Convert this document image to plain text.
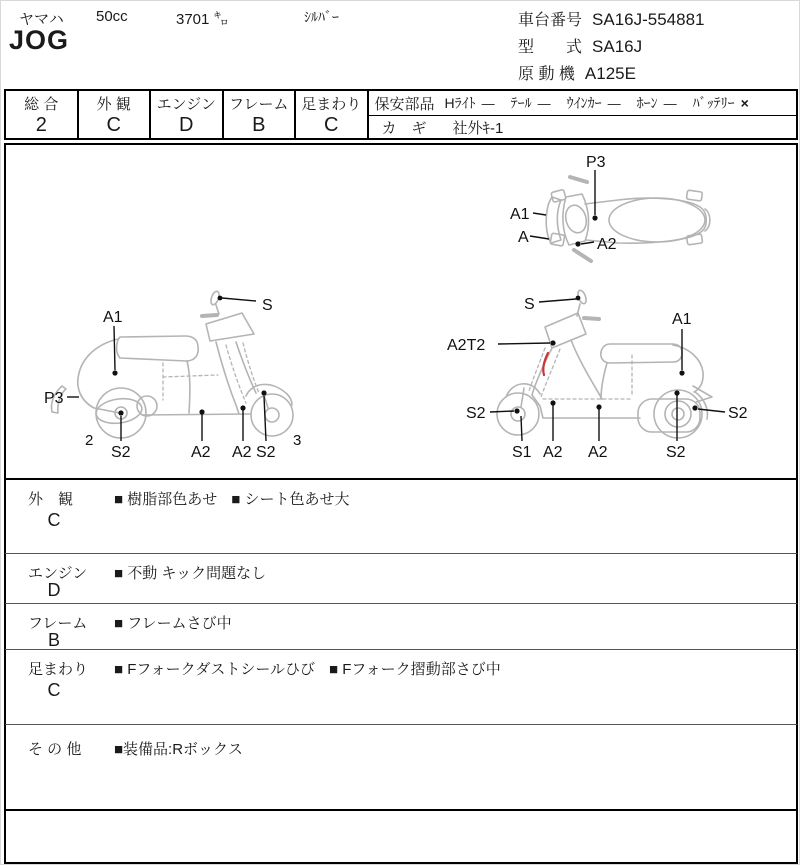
ヤマハ 50cc	3701 ㌔	ｼﾙﾊﾞｰ
JOG
車台番号 SA16J-554881
型　　式 SA16J
原 動 機 A125E
総 合
2
外 観
C
エンジン
D
フレーム
B
足まわり
C
保安部品 Hﾗｲﾄ ― ﾃｰﾙ ― ｳｲﾝｶｰ ― ﾎｰﾝ ― ﾊﾞｯﾃﾘｰ ×
カ　ギ 社外ｷ-1
P3
A1
A	A2
S
A1
P3
2
S2	A2 A2 S2
3
S
A2T2
A1
S2
S1 A2 A2	S2
S2
外　観
C
■ 樹脂部色あせ ■ シート色あせ大
エンジン
D
■ 不動 キック問題なし
フレーム
B
■ フレームさび中
足まわり
C
■ Fフォークダストシールひび ■ Fフォーク摺動部さび中
そ の 他 ■装備品:Rボックス
